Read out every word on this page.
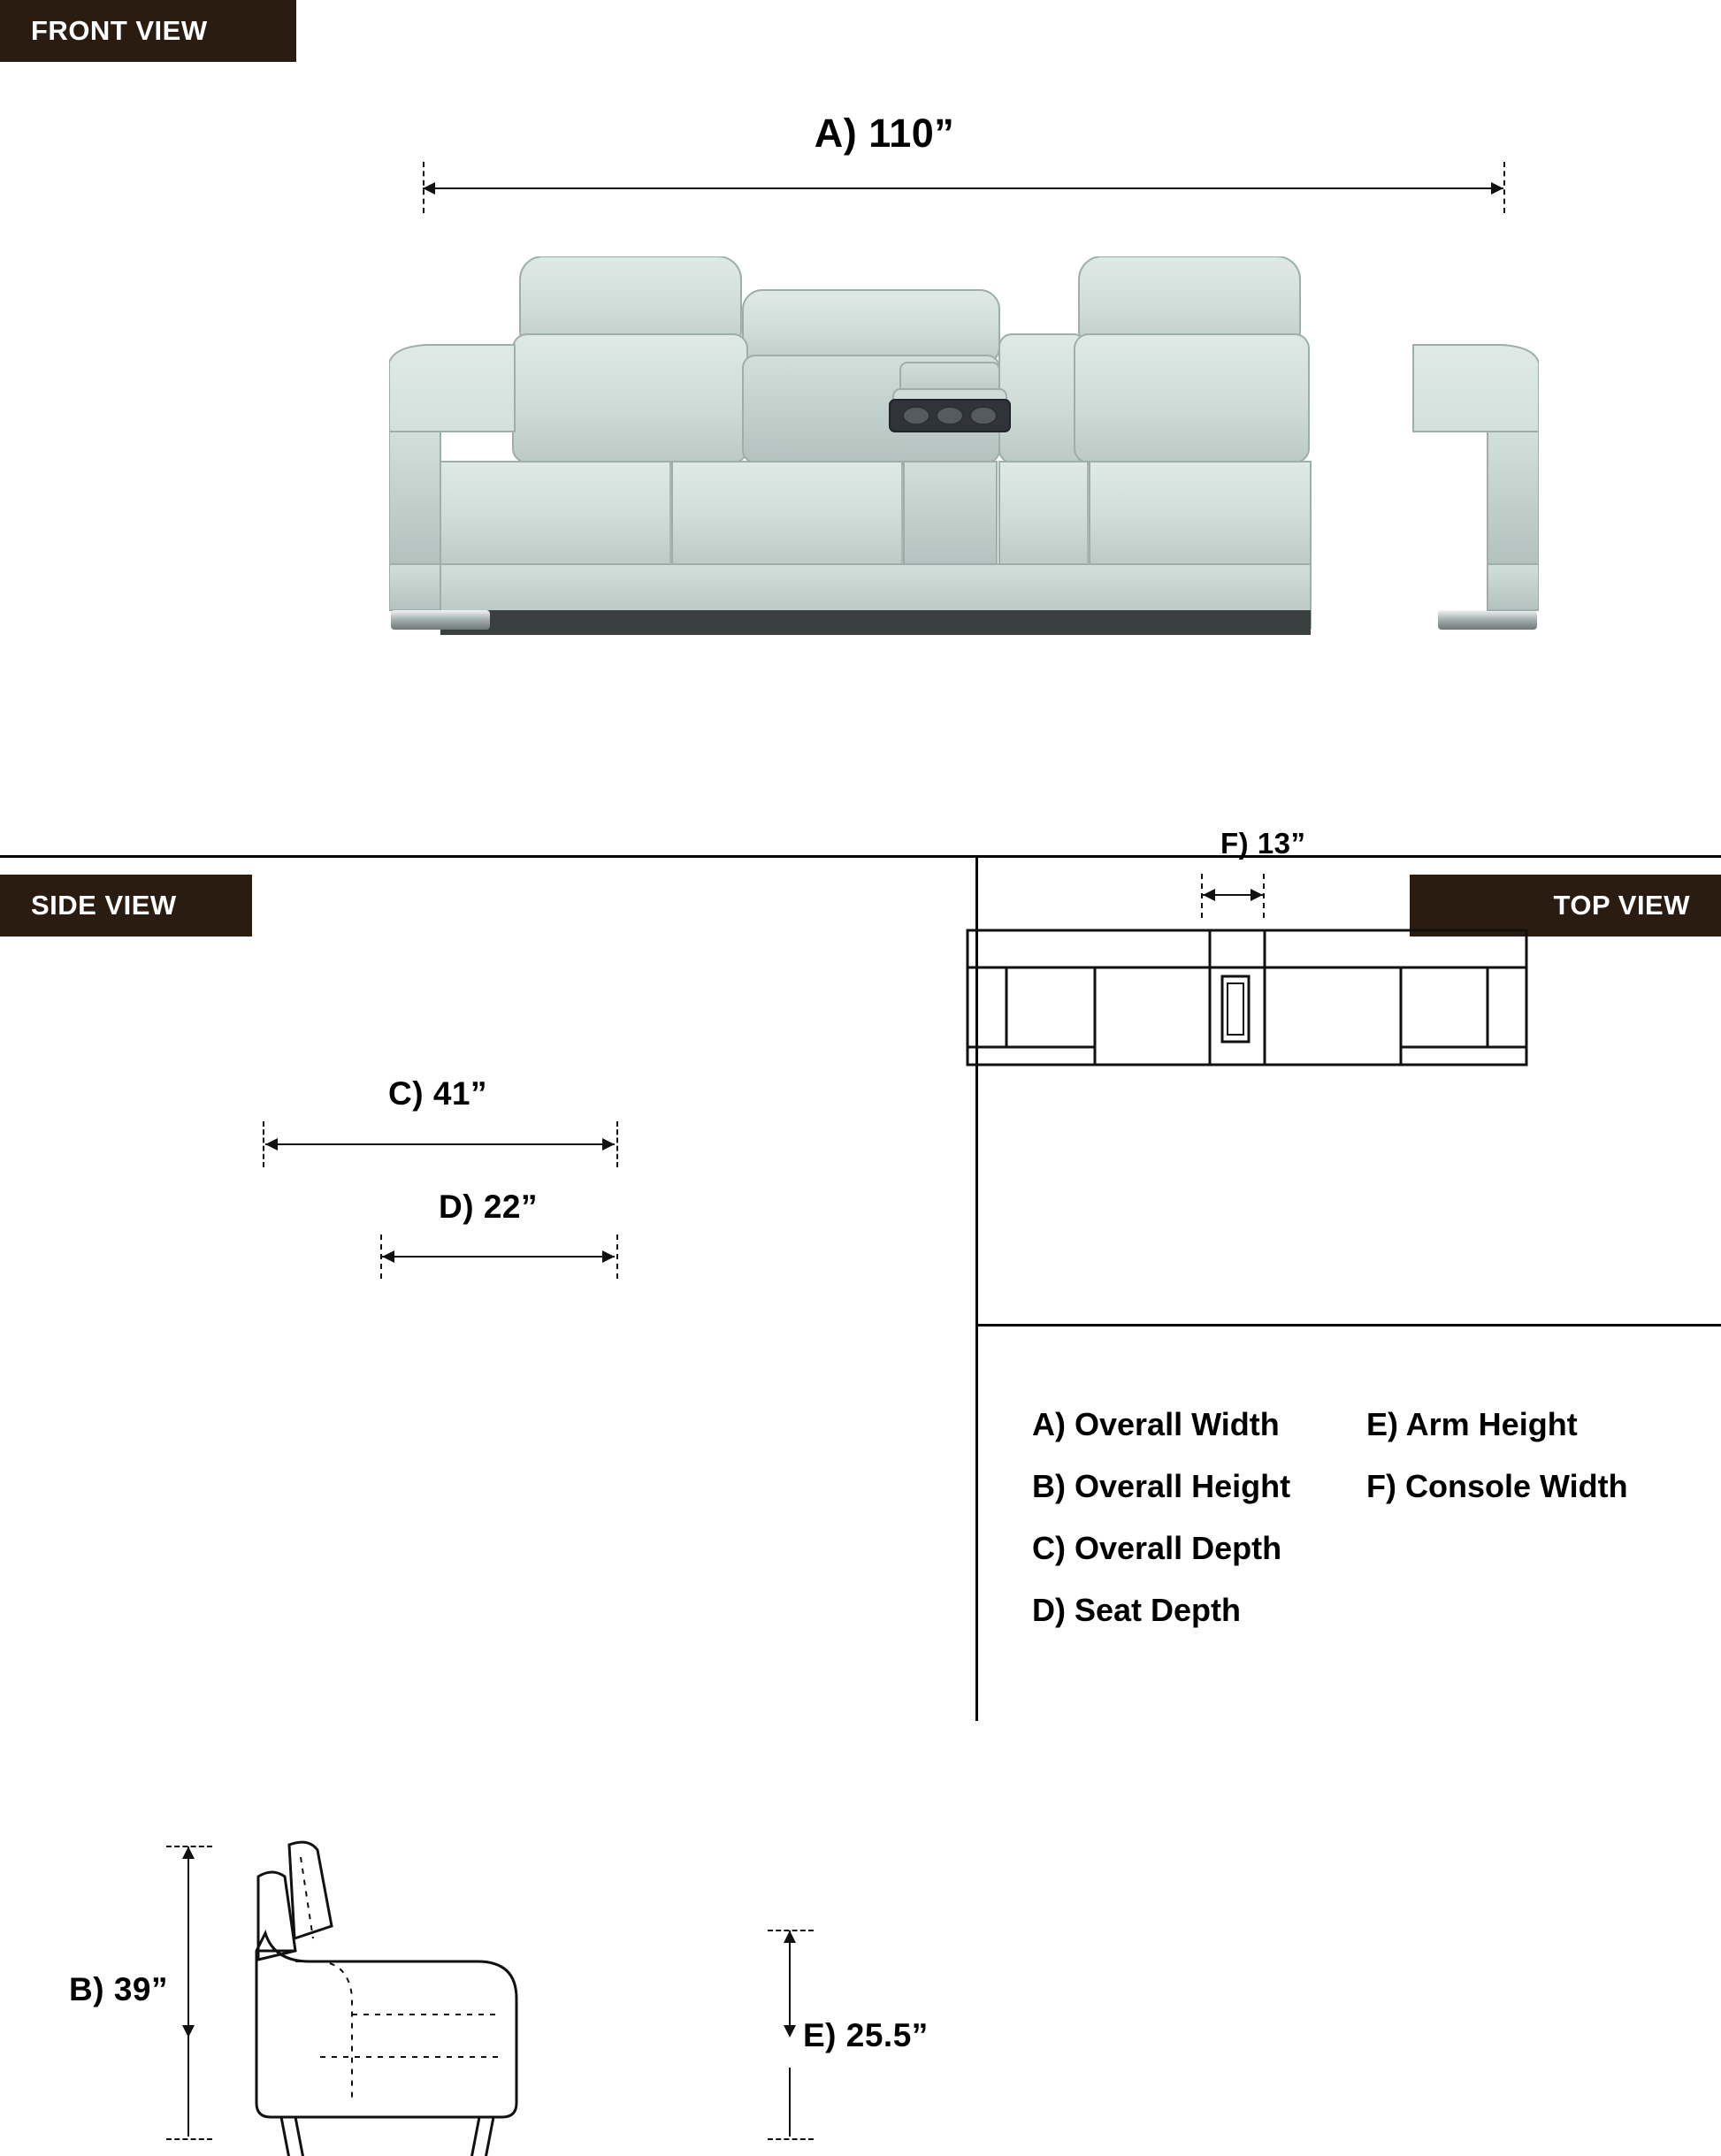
FRONT VIEW
A) 110”
SIDE VIEW
C) 41”
D) 22”
B) 39”
E) 25.5”
TOP VIEW
F) 13”
A) Overall Width
B) Overall Height
C) Overall Depth
D) Seat Depth
E) Arm Height
F) Console Width
